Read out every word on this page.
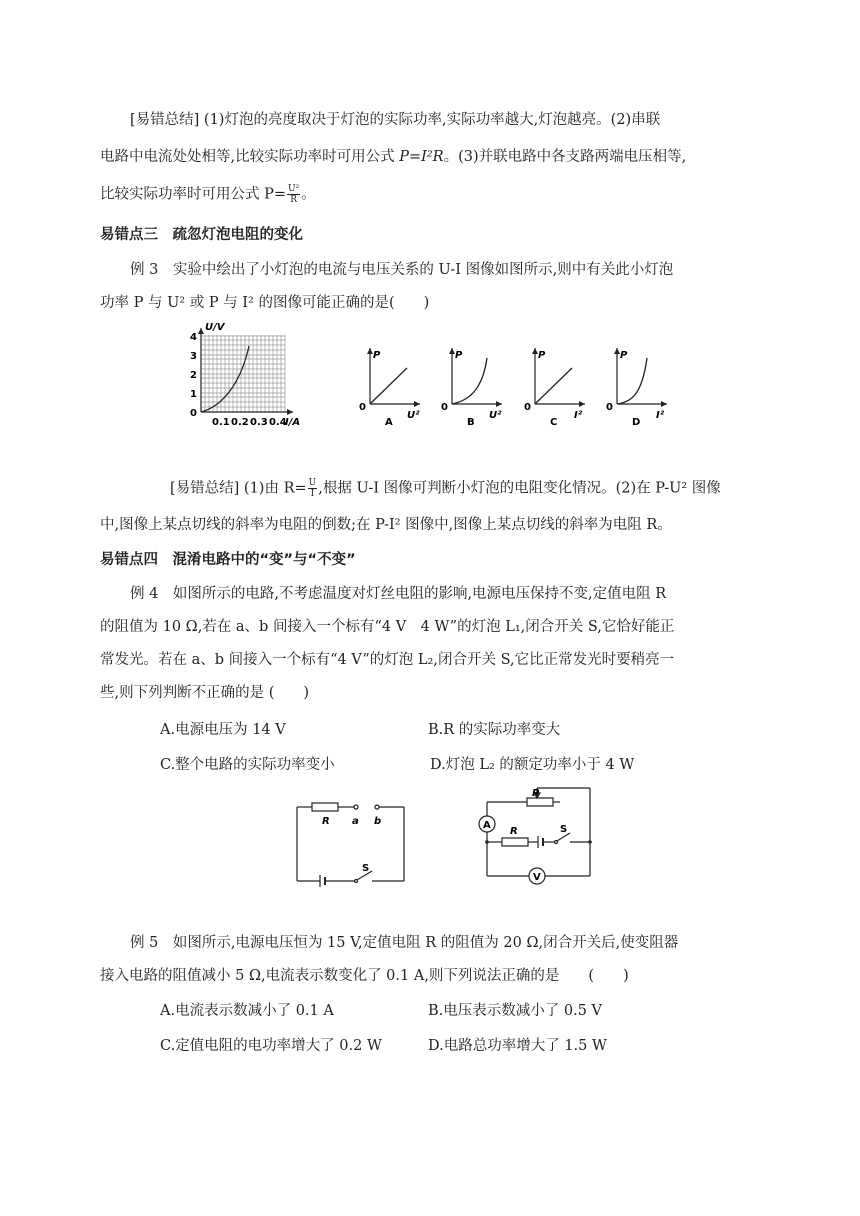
[易错总结] (1)灯泡的亮度取决于灯泡的实际功率,实际功率越大,灯泡越亮。(2)串联
电路中电流处处相等,比较实际功率时可用公式 P=I²R。(3)并联电路中各支路两端电压相等,
比较实际功率时可用公式 $P= \frac{\text{U²}}{R}$ 。
易错点三　疏忽灯泡电阻的变化
例 3　实验中绘出了小灯泡的电流与电压关系的 U-I 图像如图所示,则中有关此小灯泡
功率 P 与 U² 或 P 与 I² 的图像可能正确的是(　　)
U/V
I/A
0
1
2
3
4
0.1 0.2 0.3 0.4
P
0
U²
A
P
0
U²
B
P
0
I²
C
P
0
I²
D
[易错总结] (1)由 $R= \frac{U}{I}$ ,根据 U-I 图像可判断小灯泡的电阻变化情况。(2)在 P-U² 图像
中,图像上某点切线的斜率为电阻的倒数;在 P-I² 图像中,图像上某点切线的斜率为电阻 R。
易错点四　混淆电路中的“变”与“不变”
例 4　如图所示的电路,不考虑温度对灯丝电阻的影响,电源电压保持不变,定值电阻 R
的阻值为 10 Ω,若在 a、b 间接入一个标有“4 V　4 W”的灯泡 L₁,闭合开关 S,它恰好能正
常发光。若在 a、b 间接入一个标有“4 V”的灯泡 L₂,闭合开关 S,它比正常发光时要稍亮一
些,则下列判断不正确的是 (　　)
A.电源电压为 14 V	B.R 的实际功率变大
C.整个电路的实际功率变小	D.灯泡 L₂ 的额定功率小于 4 W
R a b
S
A
V
P
R	S
例 5　如图所示,电源电压恒为 15 V,定值电阻 R 的阻值为 20 Ω,闭合开关后,使变阻器
接入电路的阻值减小 5 Ω,电流表示数变化了 0.1 A,则下列说法正确的是　　(　　)
A.电流表示数减小了 0.1 A	B.电压表示数减小了 0.5 V
C.定值电阻的电功率增大了 0.2 W	D.电路总功率增大了 1.5 W
